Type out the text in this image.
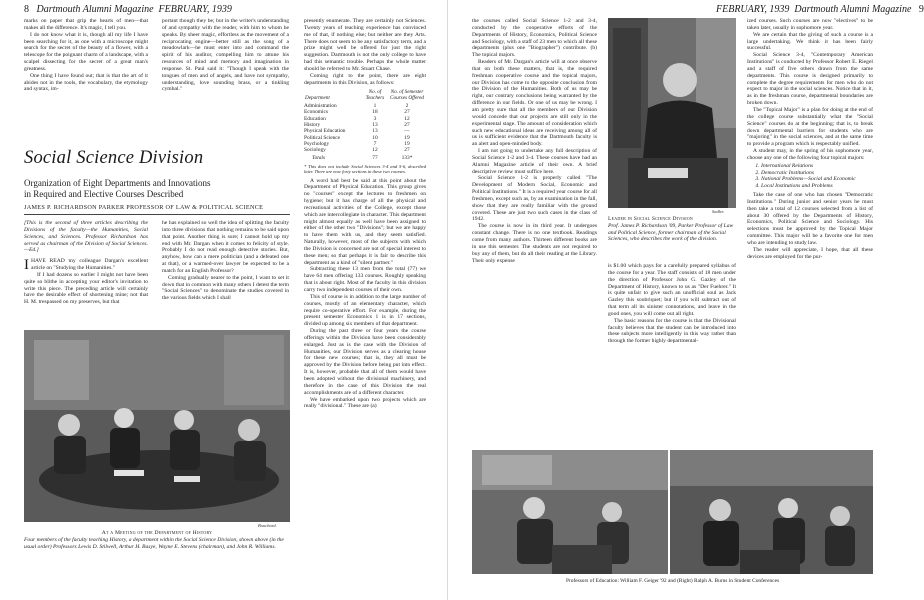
8 Dartmouth Alumni Magazine FEBRUARY, 1939

marks on paper that grip the hearts of men—that makes all the difference. It's magic, I tell you.

I do not know what it is, though all my life I have been searching for it, as one with a microscope might search for the secret of the beauty of a flower, with a telescope for the poignant charm of a landscape, with a scalpel dissecting for the secret of a great man's greatness.

One thing I have found out; that is that the art of it abides not in the tools, the vocabulary, the etymology and syntax, im-

portant though they be; but in the writer's understanding of and sympathy with the reader, with him to whom he speaks. By sheer magic, effortless as the movement of a reciprocating engine—better still as the song of a meadowlark—he must enter into and command the spirit of his auditor, compelling him to attune his resources of mind and memory and imagination in response. St. Paul said it: "Though I speak with the tongues of men and of angels, and have not sympathy, understanding, love sounding brass, or a tinkling cymbal."

Social Science Division
Organization of Eight Departments and Innovations
in Required and Elective Courses Described
JAMES P. RICHARDSON PARKER PROFESSOR OF LAW & POLITICAL SCIENCE

[This is the second of three articles describing the Divisions of the faculty—the Humanities, Social Sciences, and Sciences. Professor Richardson has served as chairman of the Division of Social Sciences.—Ed.]

IHAVE READ my colleague Dargan's excellent article on "Studying the Humanities."

If I had dozens so earlier I might not have been quite so blithe in accepting your editor's invitation to write this piece. The preceding article will certainly have the desirable effect of shortening mine; not that H. M. trespassed on my preserves, but that

he has explained so well the idea of splitting the faculty into three divisions that nothing remains to be said upon that point. Another thing is sure; I cannot hold up my end with Mr. Dargan when it comes to felicity of style. Probably I do not read enough detective stories. But, anyhow, how can a mere politician (and a defeated one at that), or a warmed-over lawyer be expected to be a match for an English Professor?

Coming gradually nearer to the point, I want to set it down that in common with many others I detest the term "Social Sciences" to denominate the studies covered in the various fields which I shall

presently enumerate. They are certainly not Sciences. Twenty years of teaching experience has convinced me of that, if nothing else; but neither are they Arts. There does not seem to be any satisfactory term, and a prize might well be offered for just the right suggestion. Dartmouth is not the only college to have had this semantic trouble. Perhaps the whole matter should be referred to Mr. Stuart Chase.

Coming right to the point, there are eight departments in this Division, as follows:

Department	No. of Teachers	No. of Semester Courses Offered
Administration	1	2
Economics	18	27
Education	3	12
History	13	27
Physical Education	13	—
Political Science	10	19
Psychology	7	19
Sociology	12	27
Totals	77	133*
* This does not include Social Sciences 3-4 and 5-6, described later. There are now forty sections in these two courses.

A word had best be said at this point about the Department of Physical Education. This group gives no "courses" except the lectures to freshmen on hygiene; but it has charge of all the physical and recreational activities of the College, except those which are intercollegiate in character. This department might almost equally as well have been assigned to either of the other two "Divisions"; but we are happy to have them with us, and they seem satisfied. Naturally, however, most of the subjects with which the Division is concerned are not of special interest to these men; so that perhaps it is fair to describe this department as a kind of "silent partner."

Subtracting these 13 men from the total (77) we have 64 men offering 133 courses. Roughly speaking that is about right. Most of the faculty in this division carry two independent courses of their own.

This of course is in addition to the large number of courses, mostly of an elementary character, which require co-operative effort. For example, during the present semester Economics 1 is in 17 sections, divided up among six members of that department.

During the past three or four years the course offerings within the Division have been considerably enlarged. Just as is the case with the Division of Humanities, our Division serves as a clearing house for these new courses; that is, they all must be approved by the Division before being put into effect. It is, however, probable that all of them would have been adopted without the divisional machinery, and therefore in the case of this Division the real accomplishments are of a different character.

We have embarked upon two projects which are really "divisional." These are (a)

Bouchard.
At a Meeting of the Department of History
Four members of the faculty teaching History, a department within the Social Science Division, shown above (in the usual order) Professors Lewis D. Stilwell, Arthur H. Basye, Wayne E. Stevens (chairman), and John R. Williams.
FEBRUARY, 1939 Dartmouth Alumni Magazine 9

the courses called Social Science 1-2 and 3-4, conducted by the cooperative efforts of the Departments of History, Economics, Political Science and Sociology, with a staff of 23 men to which all these departments (plus one "Biographer") contribute. (b) The topical majors.

Readers of Mr. Dargan's article will at once observe that on both these matters, that is, the required freshman cooperative course and the topical majors, our Division has come to the opposite conclusion from the Division of the Humanities. Both of us may be right, our contrary conclusions being warranted by the difference in our fields. Or one of us may be wrong. I am pretty sure that all the members of our Division would concede that our projects are still only in the experimental stage. The amount of consideration which such new educational ideas are receiving among all of us is sufficient evidence that the Dartmouth faculty is an alert and open-minded body.

I am not going to undertake any full description of Social Science 1-2 and 3-4. These courses have had an Alumni Magazine article of their own. A brief descriptive review must suffice here.

Social Science 1-2 is properly called "The Development of Modern Social, Economic and Political Institutions." It is a required year course for all freshmen, except such as, by an examination in the fall, show that they are really familiar with the ground covered. These are just two such cases in the class of 1942.

The course is now in its third year. It undergoes constant change. There is no one textbook. Readings come from many authors. Thirteen different books are in use this semester. The students are not required to buy any of them, but do all their reading at the Library. Their only expense

Sadler.
Leader in Social Science Division
Prof. James P. Richardson '09, Parker Professor of Law and Political Science, former chairman of the Social Sciences, who describes the work of the division.

is $1.00 which pays for a carefully prepared syllabus of the course for a year. The staff consists of 18 men under the direction of Professor John G. Gazley of the Department of History, known to us as "Der Fuehrer." It is quite unfair to give such an unofficial soul as Jack Gazley this soubriquet; but if you will subtract out of that term all its sinister connotations, and leave in the good ones, you will come out all right.

The basic reasons for the course is that the Divisional faculty believes that the student can be introduced into these subjects more intelligently in this way rather than through the former highly departmental-

ized courses. Such courses are now "electives" to be taken later, usually in sophomore year.

We are certain that the giving of such a course is a large undertaking. We think it has been fairly successful.

Social Science 3-4, "Contemporary American Institutions" is conducted by Professor Robert E. Riegel and a staff of five others drawn from the same departments. This course is designed primarily to complete the degree requirements for men who do not expect to major in the social sciences. Notice that in it, as in the freshman course, departmental boundaries are broken down.

The "Topical Major" is a plan for doing at the end of the college course substantially what the "Social Science" courses do at the beginning; that is, to break down departmental barriers for students who are "majoring" in the social sciences, and at the same time to provide a program which is respectably unified.

A student may, in the spring of his sophomore year, choose any one of the following four topical majors:

1. International Relations
2. Democratic Institutions
3. National Problems—Social and Economic
4. Local Institutions and Problems

Take the case of one who has chosen "Democratic Institutions." During junior and senior years he must then take a total of 12 courses selected from a list of about 30 offered by the Departments of History, Economics, Political Science and Sociology. His selections must be approved by the Topical Major committee. This major will be a favorite one for men who are intending to study law.

The reader will appreciate, I hope, that all these devices are employed for the pur-

Professors of Education: William F. Geiger '92 and (Right) Ralph A. Burns in Student Conferences
